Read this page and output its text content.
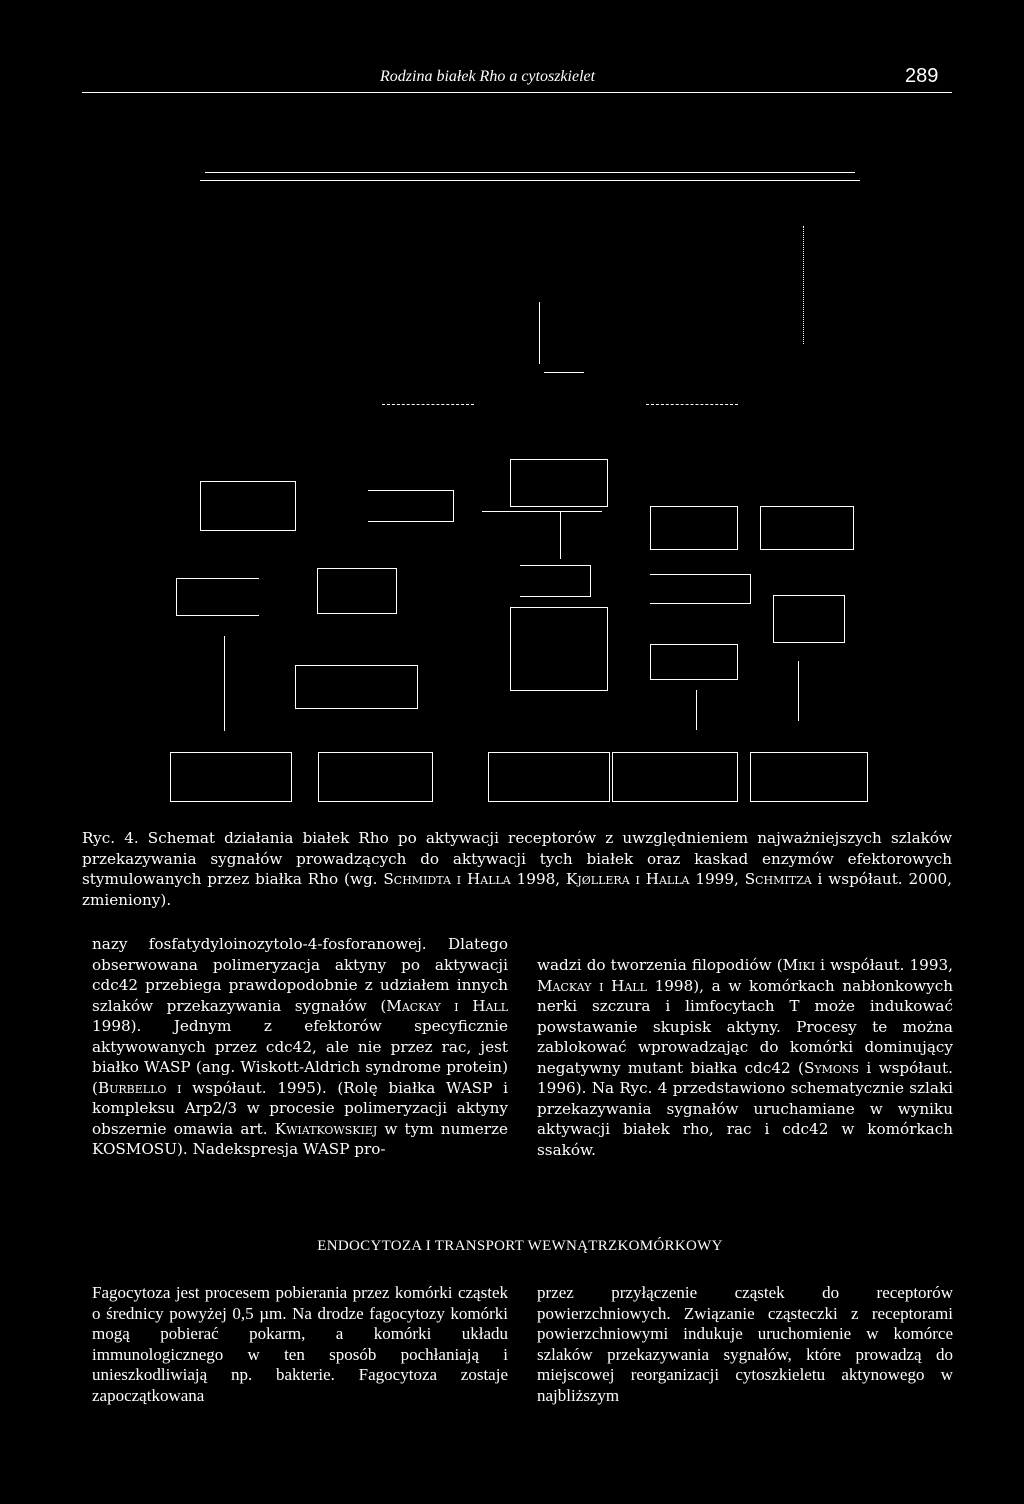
Rodzina białek Rho a cytoszkielet	289
Ryc. 4. Schemat działania białek Rho po aktywacji receptorów z uwzględnieniem najważniejszych szlaków przekazywania sygnałów prowadzących do aktywacji tych białek oraz kaskad enzymów efektorowych stymulowanych przez białka Rho (wg. Schmidta i Halla 1998, Kjøllera i Halla 1999, Schmitza i współaut. 2000, zmieniony).

nazy fosfatydyloinozytolo-4-fosforanowej. Dlatego obserwowana polimeryzacja aktyny po aktywacji cdc42 przebiega prawdopodobnie z udziałem innych szlaków przekazywania sygnałów (Mackay i Hall 1998). Jednym z efektorów specyficznie aktywowanych przez cdc42, ale nie przez rac, jest białko WASP (ang. Wiskott-Aldrich syndrome protein) (Burbello i współaut. 1995). (Rolę białka WASP i kompleksu Arp2/3 w procesie polimeryzacji aktyny obszernie omawia art. Kwiatkowskiej w tym numerze KOSMOSU). Nadekspresja WASP pro-

wadzi do tworzenia filopodiów (Miki i współaut. 1993, Mackay i Hall 1998), a w komórkach nabłonkowych nerki szczura i limfocytach T może indukować powstawanie skupisk aktyny. Procesy te można zablokować wprowadzając do komórki dominujący negatywny mutant białka cdc42 (Symons i współaut. 1996). Na Ryc. 4 przedstawiono schematycznie szlaki przekazywania sygnałów uruchamiane w wyniku aktywacji białek rho, rac i cdc42 w komórkach ssaków.

ENDOCYTOZA I TRANSPORT WEWNĄTRZKOMÓRKOWY

Fagocytoza jest procesem pobierania przez komórki cząstek o średnicy powyżej 0,5 µm. Na drodze fagocytozy komórki mogą pobierać pokarm, a komórki układu immunologicznego w ten sposób pochłaniają i unieszkodliwiają np. bakterie. Fagocytoza zostaje zapoczątkowana

przez przyłączenie cząstek do receptorów powierzchniowych. Związanie cząsteczki z receptorami powierzchniowymi indukuje uruchomienie w komórce szlaków przekazywania sygnałów, które prowadzą do miejscowej reorganizacji cytoszkieletu aktynowego w najbliższym
